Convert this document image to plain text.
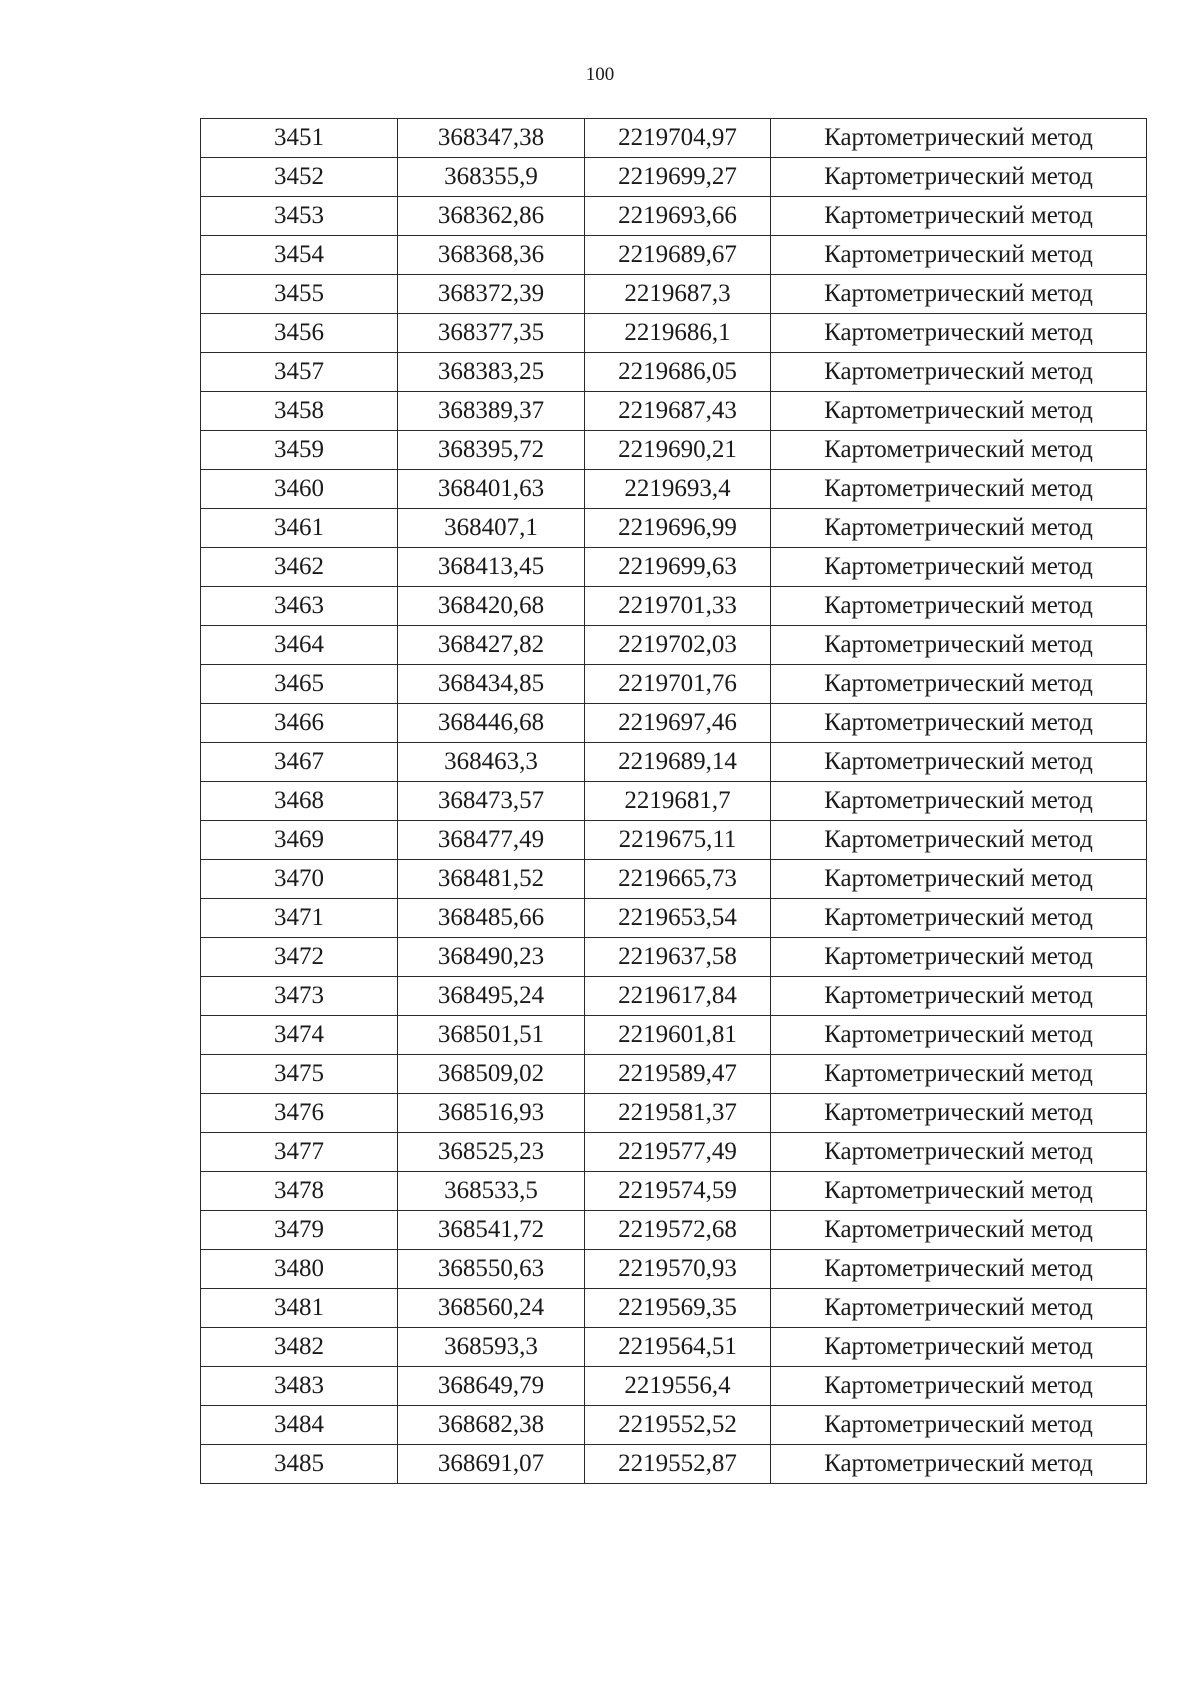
100
3451	368347,38	2219704,97	Картометрический метод
3452	368355,9	2219699,27	Картометрический метод
3453	368362,86	2219693,66	Картометрический метод
3454	368368,36	2219689,67	Картометрический метод
3455	368372,39	2219687,3	Картометрический метод
3456	368377,35	2219686,1	Картометрический метод
3457	368383,25	2219686,05	Картометрический метод
3458	368389,37	2219687,43	Картометрический метод
3459	368395,72	2219690,21	Картометрический метод
3460	368401,63	2219693,4	Картометрический метод
3461	368407,1	2219696,99	Картометрический метод
3462	368413,45	2219699,63	Картометрический метод
3463	368420,68	2219701,33	Картометрический метод
3464	368427,82	2219702,03	Картометрический метод
3465	368434,85	2219701,76	Картометрический метод
3466	368446,68	2219697,46	Картометрический метод
3467	368463,3	2219689,14	Картометрический метод
3468	368473,57	2219681,7	Картометрический метод
3469	368477,49	2219675,11	Картометрический метод
3470	368481,52	2219665,73	Картометрический метод
3471	368485,66	2219653,54	Картометрический метод
3472	368490,23	2219637,58	Картометрический метод
3473	368495,24	2219617,84	Картометрический метод
3474	368501,51	2219601,81	Картометрический метод
3475	368509,02	2219589,47	Картометрический метод
3476	368516,93	2219581,37	Картометрический метод
3477	368525,23	2219577,49	Картометрический метод
3478	368533,5	2219574,59	Картометрический метод
3479	368541,72	2219572,68	Картометрический метод
3480	368550,63	2219570,93	Картометрический метод
3481	368560,24	2219569,35	Картометрический метод
3482	368593,3	2219564,51	Картометрический метод
3483	368649,79	2219556,4	Картометрический метод
3484	368682,38	2219552,52	Картометрический метод
3485	368691,07	2219552,87	Картометрический метод
